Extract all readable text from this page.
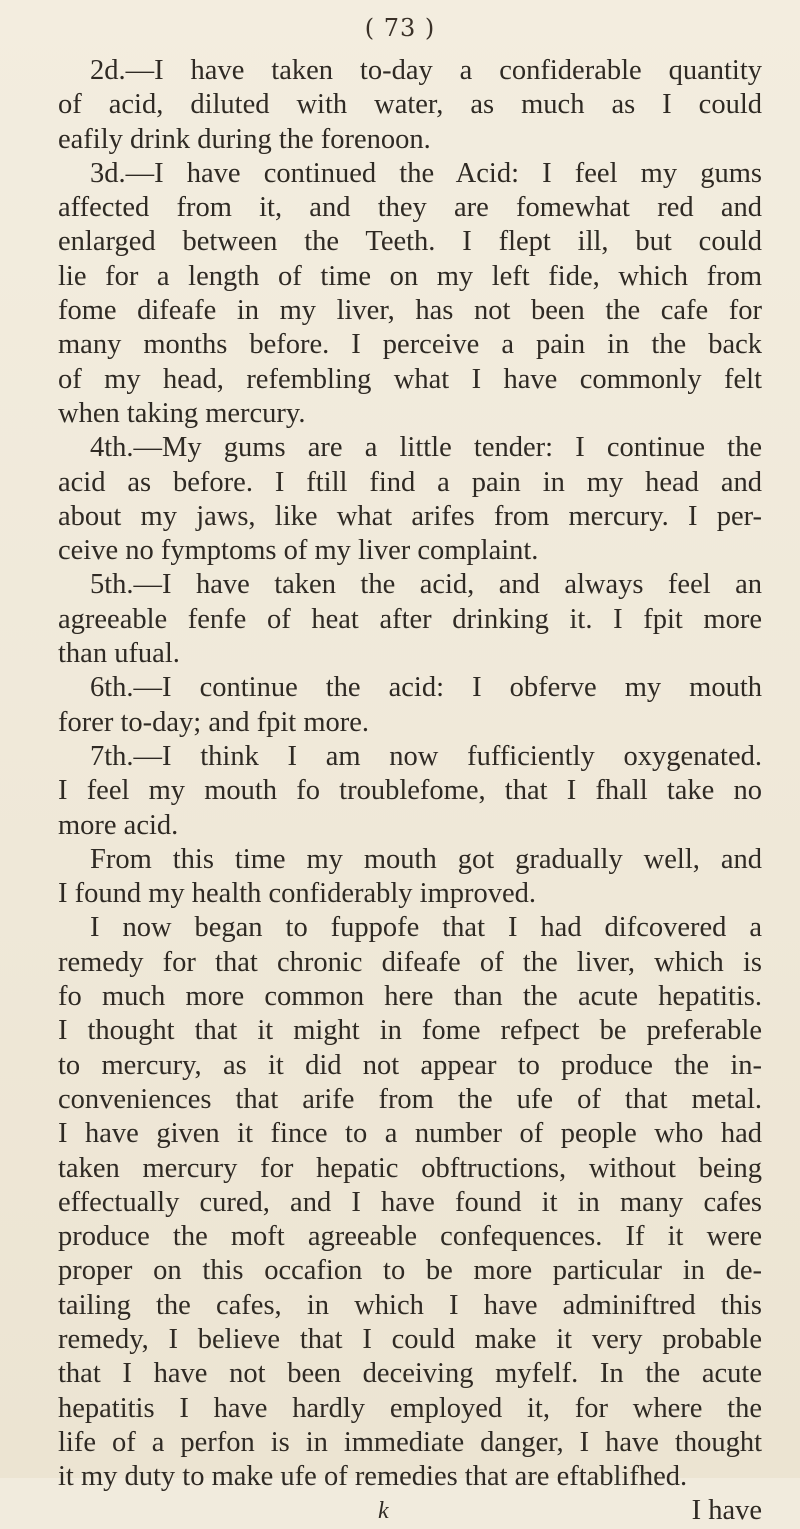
( 73 )
2d.—I have taken to-day a confiderable quantity
of acid, diluted with water, as much as I could
eafily drink during the forenoon.
3d.—I have continued the Acid: I feel my gums
affected from it, and they are fomewhat red and
enlarged between the Teeth. I flept ill, but could
lie for a length of time on my left fide, which from
fome difeafe in my liver, has not been the cafe for
many months before. I perceive a pain in the back
of my head, refembling what I have commonly felt
when taking mercury.
4th.—My gums are a little tender: I continue the
acid as before. I ftill find a pain in my head and
about my jaws, like what arifes from mercury. I per-
ceive no fymptoms of my liver complaint.
5th.—I have taken the acid, and always feel an
agreeable fenfe of heat after drinking it. I fpit more
than ufual.
6th.—I continue the acid: I obferve my mouth
forer to-day; and fpit more.
7th.—I think I am now fufficiently oxygenated.
I feel my mouth fo troublefome, that I fhall take no
more acid.
From this time my mouth got gradually well, and
I found my health confiderably improved.
I now began to fuppofe that I had difcovered a
remedy for that chronic difeafe of the liver, which is
fo much more common here than the acute hepatitis.
I thought that it might in fome refpect be preferable
to mercury, as it did not appear to produce the in-
conveniences that arife from the ufe of that metal.
I have given it fince to a number of people who had
taken mercury for hepatic obftructions, without being
effectually cured, and I have found it in many cafes
produce the moft agreeable confequences. If it were
proper on this occafion to be more particular in de-
tailing the cafes, in which I have adminiftred this
remedy, I believe that I could make it very probable
that I have not been deceiving myfelf. In the acute
hepatitis I have hardly employed it, for where the
life of a perfon is in immediate danger, I have thought
it my duty to make ufe of remedies that are eftablifhed.
k	I have
